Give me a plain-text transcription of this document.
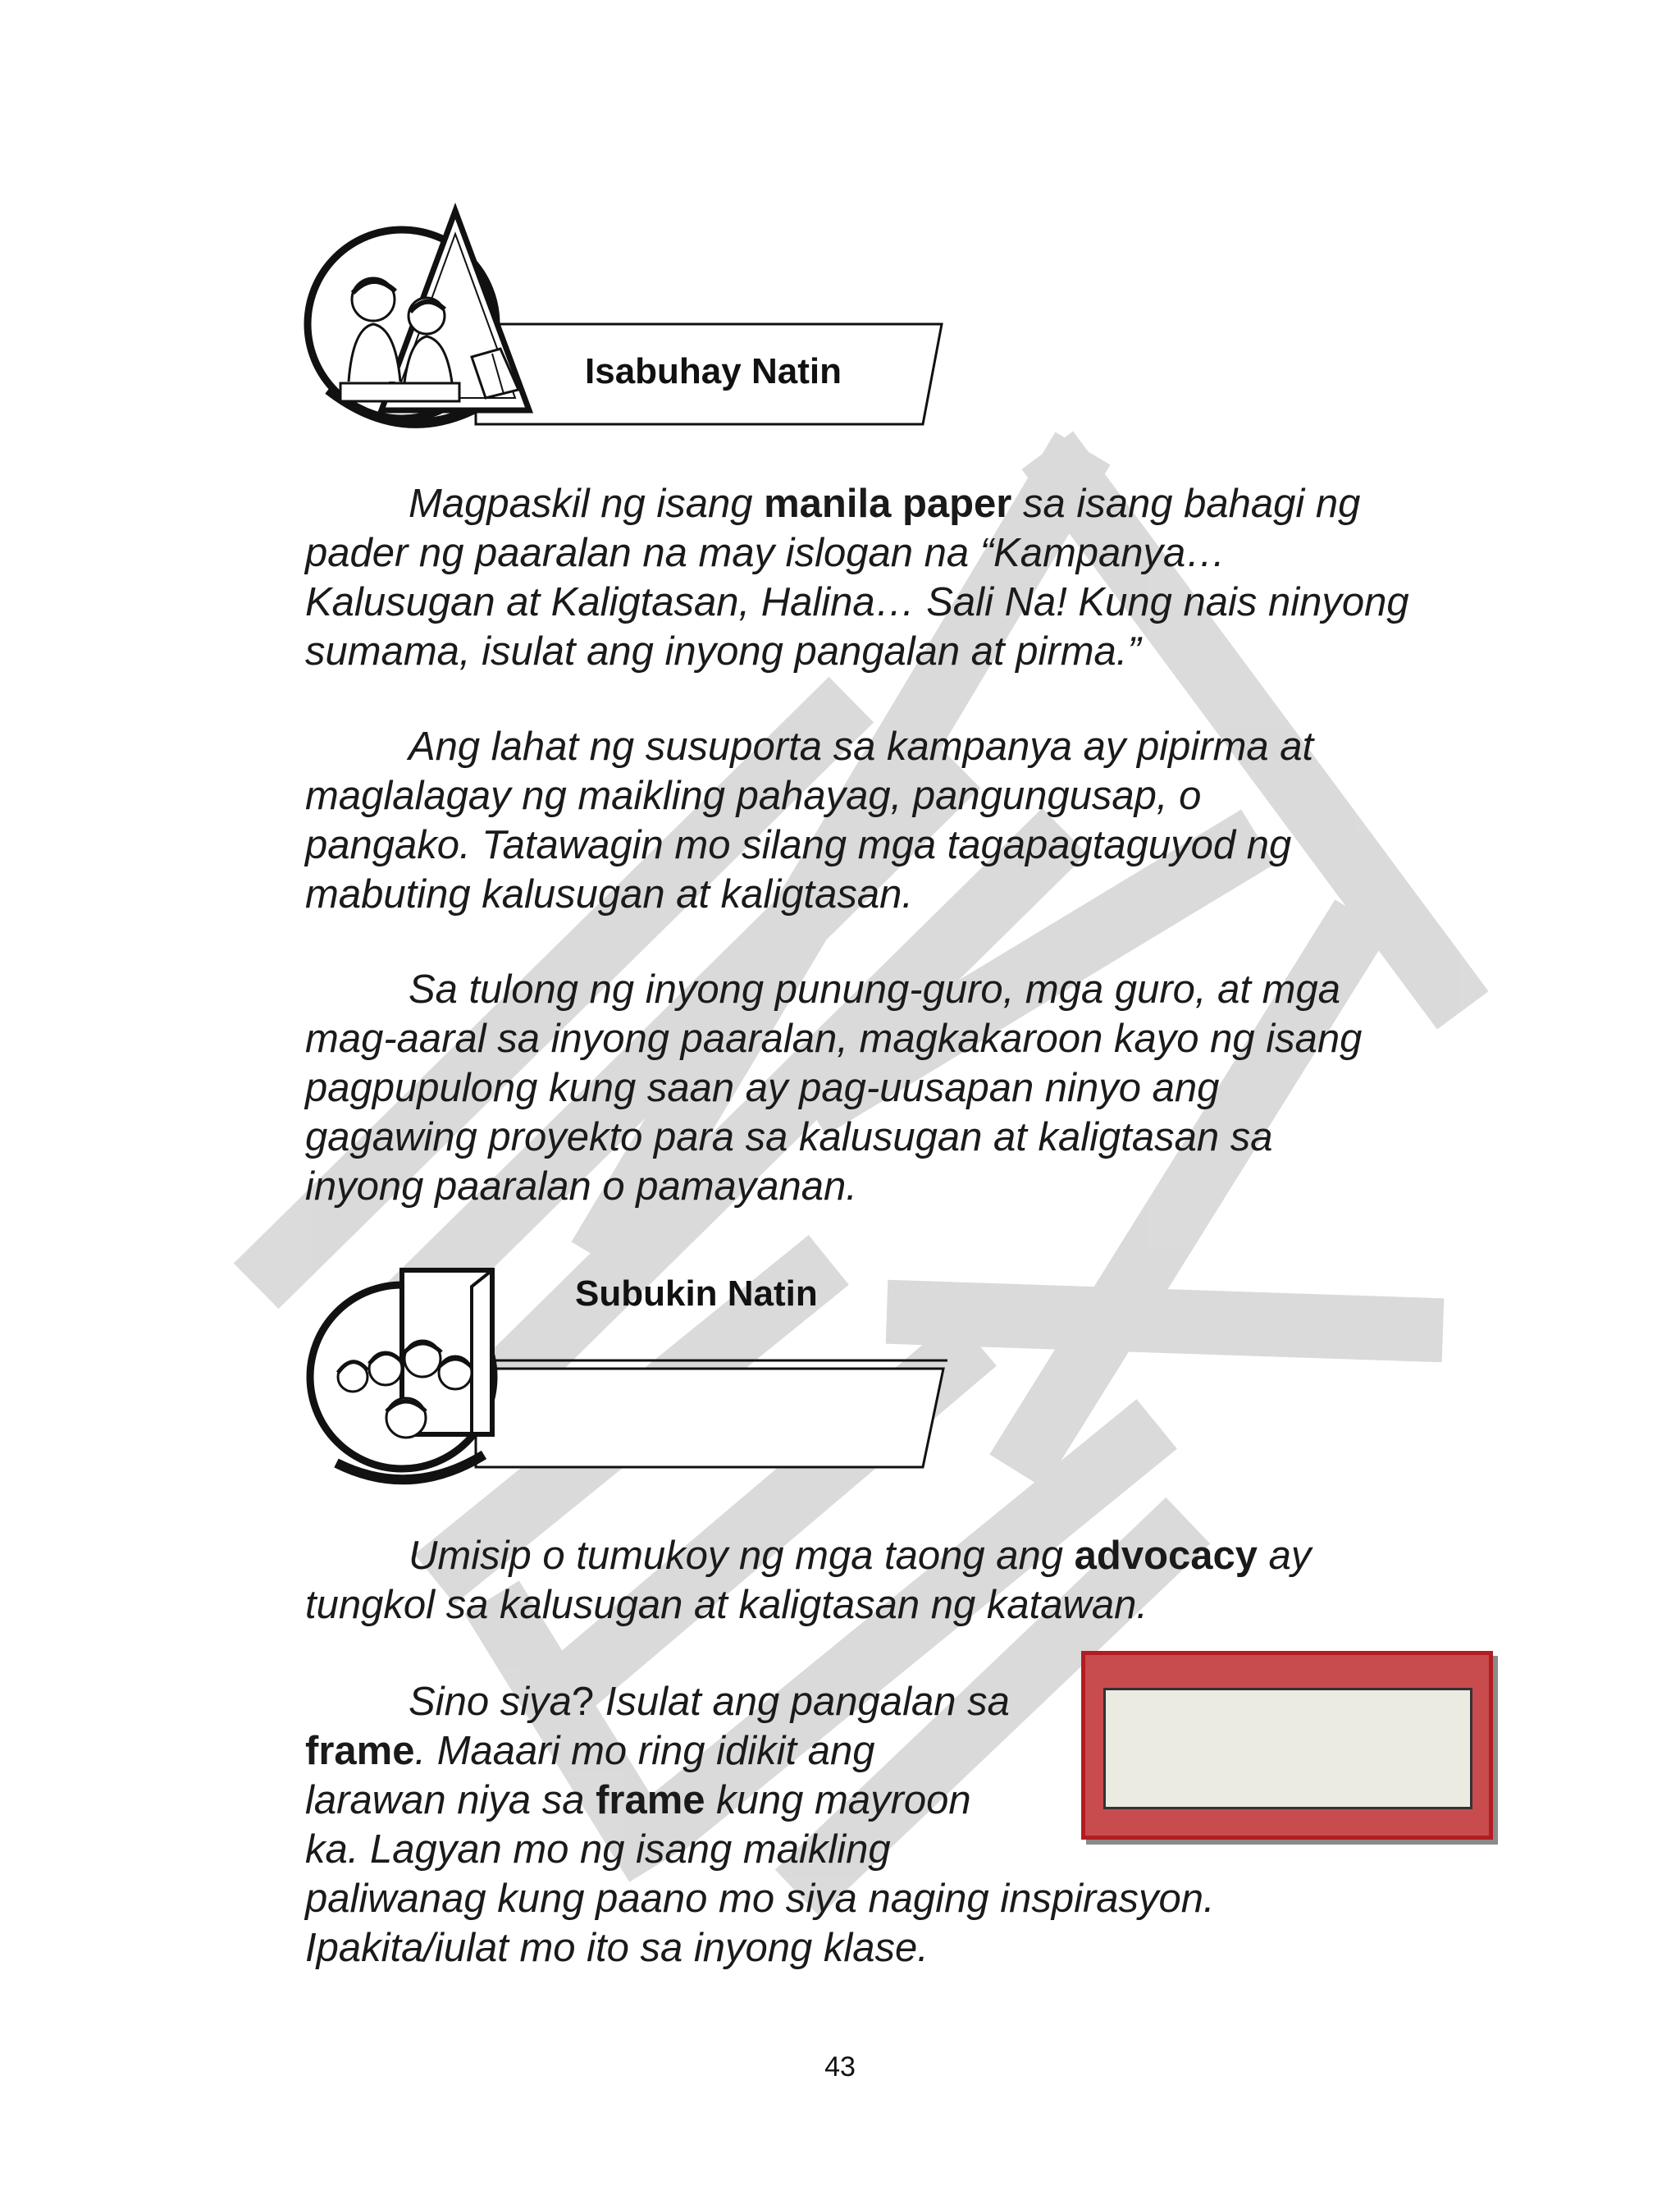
Isabuhay Natin
Magpaskil ng isang manila paper sa isang bahagi ng
pader ng paaralan na may islogan na “Kampanya…
Kalusugan at Kaligtasan, Halina… Sali Na! Kung nais ninyong
sumama, isulat ang inyong pangalan at pirma.”
Ang lahat ng susuporta sa kampanya ay pipirma at
maglalagay ng maikling pahayag, pangungusap, o
pangako. Tatawagin mo silang mga tagapagtaguyod ng
mabuting kalusugan at kaligtasan.
Sa tulong ng inyong punung-guro, mga guro, at mga
mag-aaral sa inyong paaralan, magkakaroon kayo ng isang
pagpupulong kung saan ay pag-uusapan ninyo ang
gagawing proyekto para sa kalusugan at kaligtasan sa
inyong paaralan o pamayanan.
Subukin Natin
Umisip o tumukoy ng mga taong ang advocacy ay
tungkol sa kalusugan at kaligtasan ng katawan.
Sino siya? Isulat ang pangalan sa
frame. Maaari mo ring idikit ang
larawan niya sa frame kung mayroon
ka. Lagyan mo ng isang maikling
paliwanag kung paano mo siya naging inspirasyon.
Ipakita/iulat mo ito sa inyong klase.
43
